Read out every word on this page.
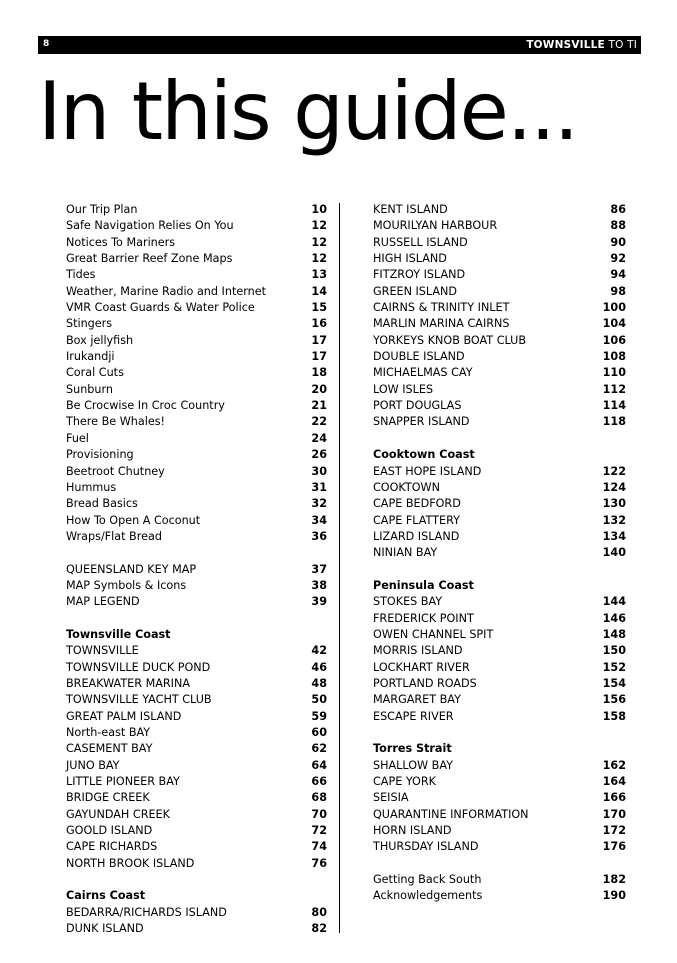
8	TOWNSVILLE TO TI
In this guide...
Our Trip Plan	10
Safe Navigation Relies On You	12
Notices To Mariners	12
Great Barrier Reef Zone Maps	12
Tides	13
Weather, Marine Radio and Internet	14
VMR Coast Guards & Water Police	15
Stingers	16
Box jellyfish	17
Irukandji	17
Coral Cuts	18
Sunburn	20
Be Crocwise In Croc Country	21
There Be Whales!	22
Fuel	24
Provisioning	26
Beetroot Chutney	30
Hummus	31
Bread Basics	32
How To Open A Coconut	34
Wraps/Flat Bread	36
QUEENSLAND KEY MAP	37
MAP Symbols & Icons	38
MAP LEGEND	39
Townsville Coast
TOWNSVILLE	42
TOWNSVILLE DUCK POND	46
BREAKWATER MARINA	48
TOWNSVILLE YACHT CLUB	50
GREAT PALM ISLAND	59
North-east BAY	60
CASEMENT BAY	62
JUNO BAY	64
LITTLE PIONEER BAY	66
BRIDGE CREEK	68
GAYUNDAH CREEK	70
GOOLD ISLAND	72
CAPE RICHARDS	74
NORTH BROOK ISLAND	76
Cairns Coast
BEDARRA/RICHARDS ISLAND	80
DUNK ISLAND	82
KENT ISLAND	86
MOURILYAN HARBOUR	88
RUSSELL ISLAND	90
HIGH ISLAND	92
FITZROY ISLAND	94
GREEN ISLAND	98
CAIRNS & TRINITY INLET	100
MARLIN MARINA CAIRNS	104
YORKEYS KNOB BOAT CLUB	106
DOUBLE ISLAND	108
MICHAELMAS CAY	110
LOW ISLES	112
PORT DOUGLAS	114
SNAPPER ISLAND	118
Cooktown Coast
EAST HOPE ISLAND	122
COOKTOWN	124
CAPE BEDFORD	130
CAPE FLATTERY	132
LIZARD ISLAND	134
NINIAN BAY	140
Peninsula Coast
STOKES BAY	144
FREDERICK POINT	146
OWEN CHANNEL SPIT	148
MORRIS ISLAND	150
LOCKHART RIVER	152
PORTLAND ROADS	154
MARGARET BAY	156
ESCAPE RIVER	158
Torres Strait
SHALLOW BAY	162
CAPE YORK	164
SEISIA	166
QUARANTINE INFORMATION	170
HORN ISLAND	172
THURSDAY ISLAND	176
Getting Back South	182
Acknowledgements	190
